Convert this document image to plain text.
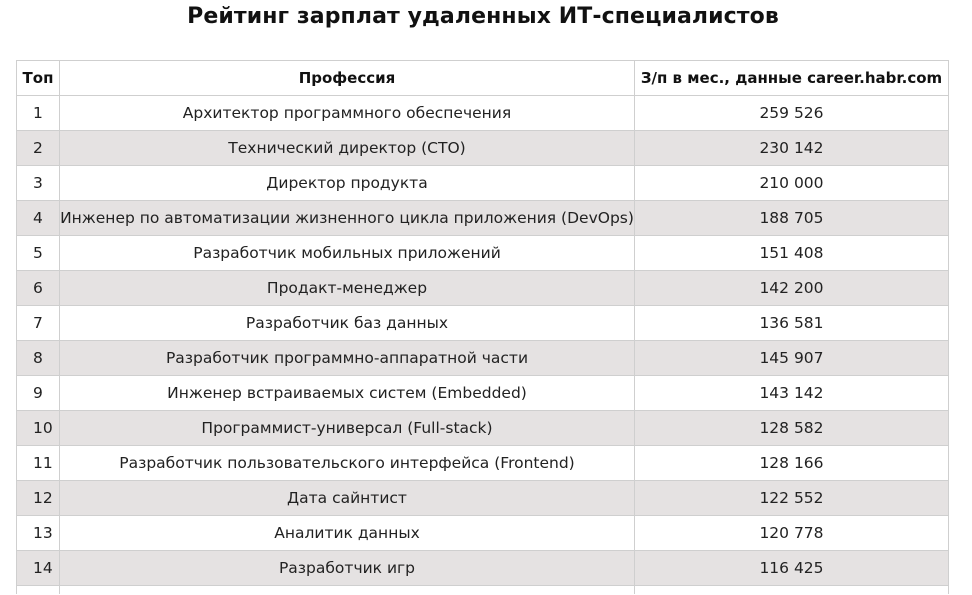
Рейтинг зарплат удаленных ИТ-специалистов
Топ	Профессия	З/п в мес., данные career.habr.com
1	Архитектор программного обеспечения	259 526
2	Технический директор (CTO)	230 142
3	Директор продукта	210 000
4	Инженер по автоматизации жизненного цикла приложения (DevOps)	188 705
5	Разработчик мобильных приложений	151 408
6	Продакт-менеджер	142 200
7	Разработчик баз данных	136 581
8	Разработчик программно-аппаратной части	145 907
9	Инженер встраиваемых систем (Embedded)	143 142
10	Программист-универсал (Full-stack)	128 582
11	Разработчик пользовательского интерфейса (Frontend)	128 166
12	Дата сайнтист	122 552
13	Аналитик данных	120 778
14	Разработчик игр	116 425
